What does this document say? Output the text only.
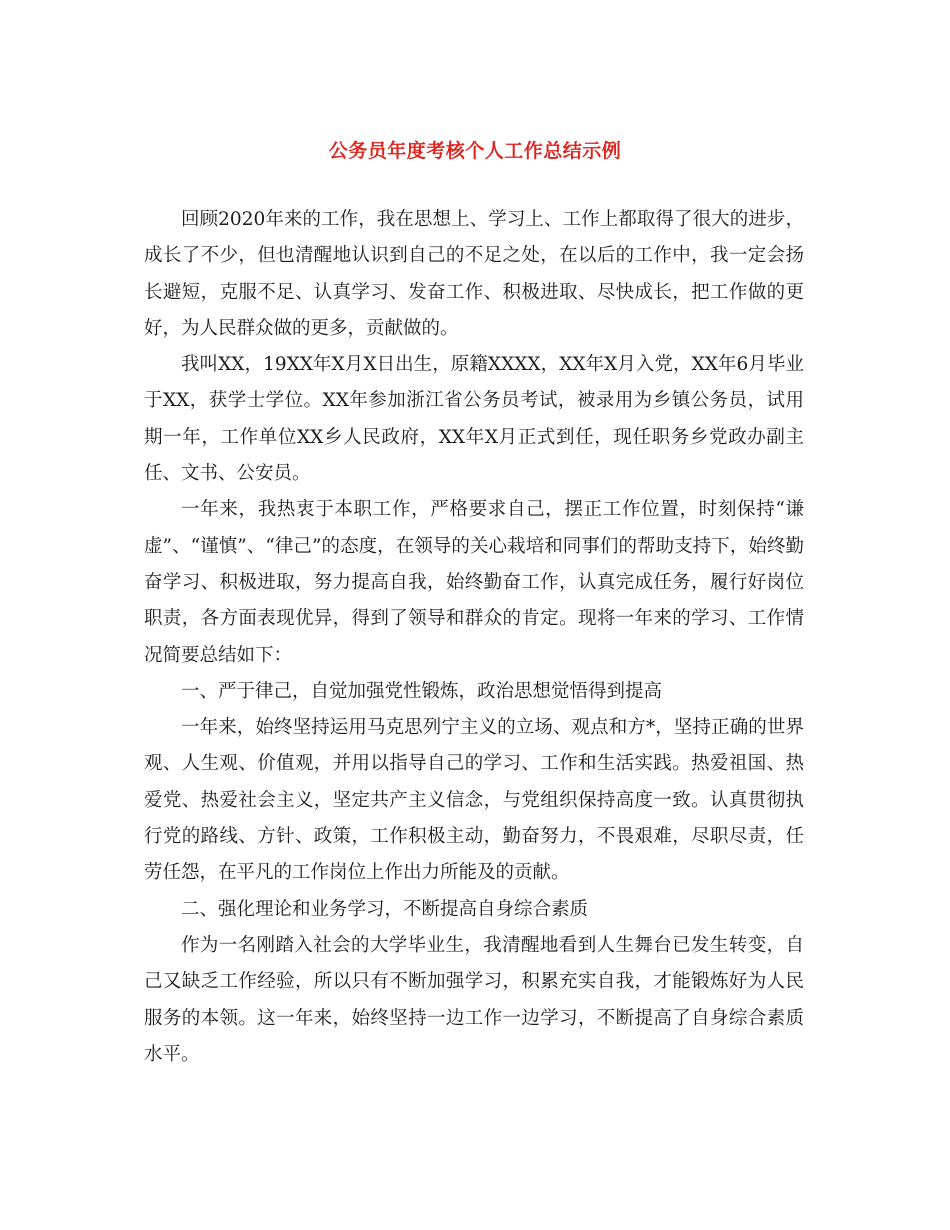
公务员年度考核个人工作总结示例

回顾2020年来的工作，我在思想上、学习上、工作上都取得了很大的进步，成长了不少，但也清醒地认识到自己的不足之处，在以后的工作中，我一定会扬长避短，克服不足、认真学习、发奋工作、积极进取、尽快成长，把工作做的更好，为人民群众做的更多，贡献做的。

我叫XX，19XX年X月X日出生，原籍XXXX，XX年X月入党，XX年6月毕业于XX，获学士学位。XX年参加浙江省公务员考试，被录用为乡镇公务员，试用期一年，工作单位XX乡人民政府，XX年X月正式到任，现任职务乡党政办副主任、文书、公安员。

一年来，我热衷于本职工作，严格要求自己，摆正工作位置，时刻保持“谦虚”、“谨慎”、“律己”的态度，在领导的关心栽培和同事们的帮助支持下，始终勤奋学习、积极进取，努力提高自我，始终勤奋工作，认真完成任务，履行好岗位职责，各方面表现优异，得到了领导和群众的肯定。现将一年来的学习、工作情况简要总结如下：

一、严于律己，自觉加强党性锻炼，政治思想觉悟得到提高

一年来，始终坚持运用马克思列宁主义的立场、观点和方*，坚持正确的世界观、人生观、价值观，并用以指导自己的学习、工作和生活实践。热爱祖国、热爱党、热爱社会主义，坚定共产主义信念，与党组织保持高度一致。认真贯彻执行党的路线、方针、政策，工作积极主动，勤奋努力，不畏艰难，尽职尽责，任劳任怨，在平凡的工作岗位上作出力所能及的贡献。

二、强化理论和业务学习，不断提高自身综合素质

作为一名刚踏入社会的大学毕业生，我清醒地看到人生舞台已发生转变，自己又缺乏工作经验，所以只有不断加强学习，积累充实自我，才能锻炼好为人民服务的本领。这一年来，始终坚持一边工作一边学习，不断提高了自身综合素质水平。
